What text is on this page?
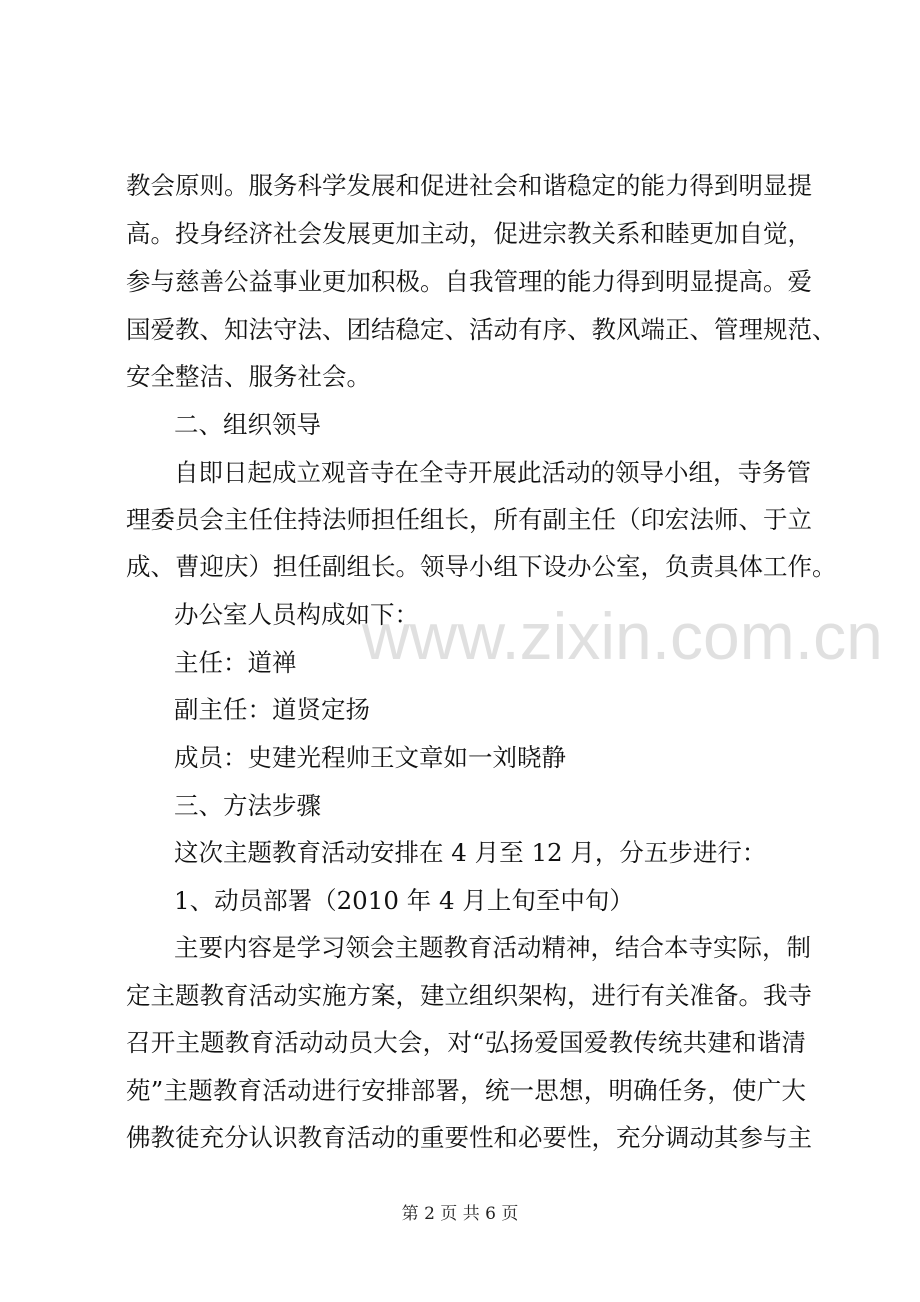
教会原则。服务科学发展和促进社会和谐稳定的能力得到明显提
高。投身经济社会发展更加主动，促进宗教关系和睦更加自觉，
参与慈善公益事业更加积极。自我管理的能力得到明显提高。爱
国爱教、知法守法、团结稳定、活动有序、教风端正、管理规范、
安全整洁、服务社会。
二、组织领导
自即日起成立观音寺在全寺开展此活动的领导小组，寺务管
理委员会主任住持法师担任组长，所有副主任（印宏法师、于立
成、曹迎庆）担任副组长。领导小组下设办公室，负责具体工作。
办公室人员构成如下：
主任：道禅
副主任：道贤定扬
成员：史建光程帅王文章如一刘晓静
三、方法步骤
这次主题教育活动安排在 4 月至 12 月，分五步进行：
1、动员部署（2010 年 4 月上旬至中旬）
主要内容是学习领会主题教育活动精神，结合本寺实际，制
定主题教育活动实施方案，建立组织架构，进行有关准备。我寺
召开主题教育活动动员大会，对“弘扬爱国爱教传统共建和谐清
苑”主题教育活动进行安排部署，统一思想，明确任务，使广大
佛教徒充分认识教育活动的重要性和必要性，充分调动其参与主
www.zixin.com.cn
第 2 页 共 6 页
